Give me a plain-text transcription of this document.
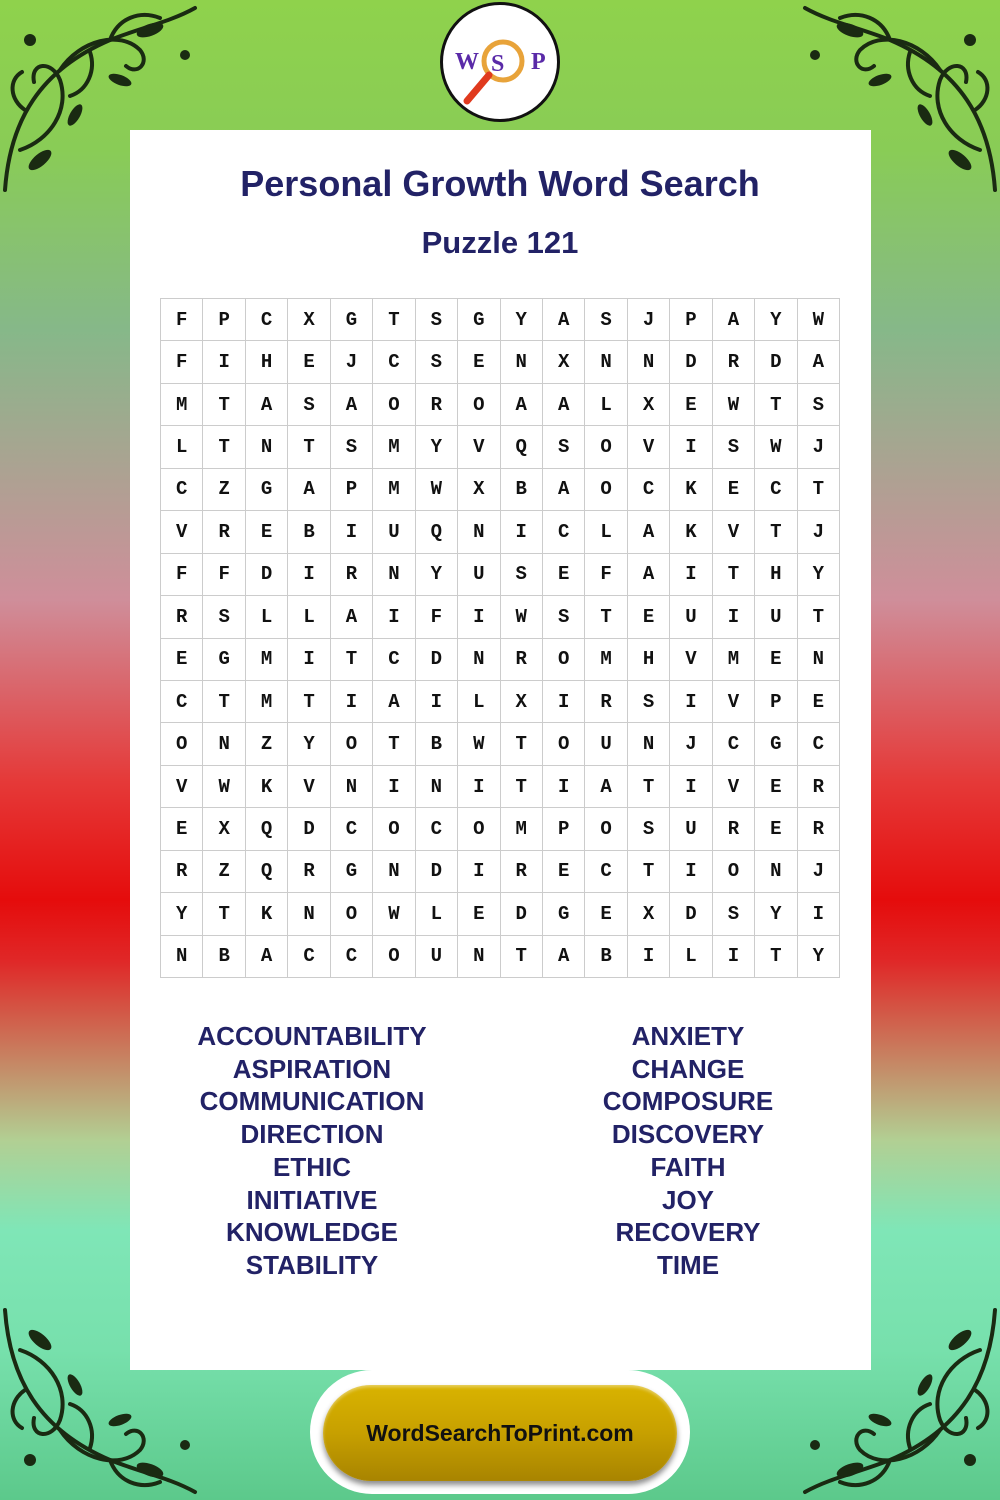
W S P
Personal Growth Word Search
Puzzle 121
F	P	C	X	G	T	S	G	Y	A	S	J	P	A	Y	W
F	I	H	E	J	C	S	E	N	X	N	N	D	R	D	A
M	T	A	S	A	O	R	O	A	A	L	X	E	W	T	S
L	T	N	T	S	M	Y	V	Q	S	O	V	I	S	W	J
C	Z	G	A	P	M	W	X	B	A	O	C	K	E	C	T
V	R	E	B	I	U	Q	N	I	C	L	A	K	V	T	J
F	F	D	I	R	N	Y	U	S	E	F	A	I	T	H	Y
R	S	L	L	A	I	F	I	W	S	T	E	U	I	U	T
E	G	M	I	T	C	D	N	R	O	M	H	V	M	E	N
C	T	M	T	I	A	I	L	X	I	R	S	I	V	P	E
O	N	Z	Y	O	T	B	W	T	O	U	N	J	C	G	C
V	W	K	V	N	I	N	I	T	I	A	T	I	V	E	R
E	X	Q	D	C	O	C	O	M	P	O	S	U	R	E	R
R	Z	Q	R	G	N	D	I	R	E	C	T	I	O	N	J
Y	T	K	N	O	W	L	E	D	G	E	X	D	S	Y	I
N	B	A	C	C	O	U	N	T	A	B	I	L	I	T	Y
ACCOUNTABILITY
ASPIRATION
COMMUNICATION
DIRECTION
ETHIC
INITIATIVE
KNOWLEDGE
STABILITY
ANXIETY
CHANGE
COMPOSURE
DISCOVERY
FAITH
JOY
RECOVERY
TIME
WordSearchToPrint.com
